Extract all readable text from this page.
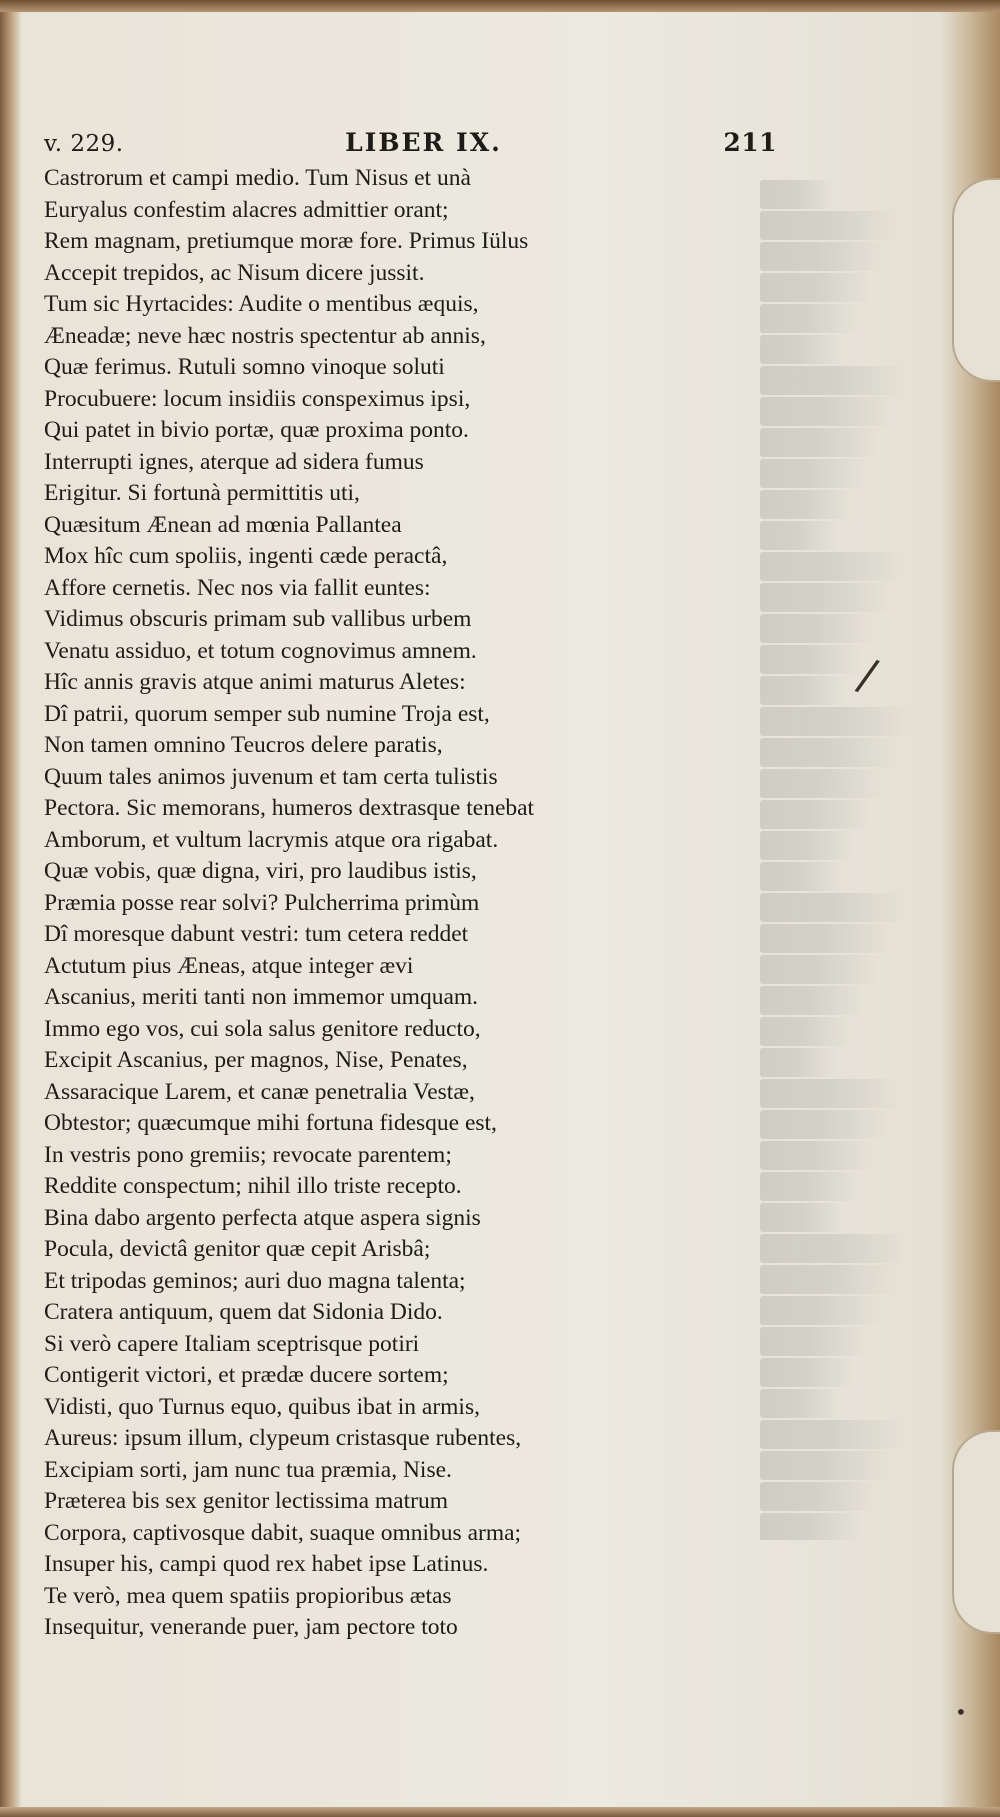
/
•
v. 229.	LIBER IX.	211
Castrorum et campi medio. Tum Nisus et unà
Euryalus confestim alacres admittier orant;
Rem magnam, pretiumque moræ fore. Primus Iülus
Accepit trepidos, ac Nisum dicere jussit.
Tum sic Hyrtacides: Audite o mentibus æquis,
Æneadæ; neve hæc nostris spectentur ab annis,
Quæ ferimus. Rutuli somno vinoque soluti
Procubuere: locum insidiis conspeximus ipsi,
Qui patet in bivio portæ, quæ proxima ponto.
Interrupti ignes, aterque ad sidera fumus
Erigitur. Si fortunà permittitis uti,
Quæsitum Ænean ad mœnia Pallantea
Mox hîc cum spoliis, ingenti cæde peractâ,
Affore cernetis. Nec nos via fallit euntes:
Vidimus obscuris primam sub vallibus urbem
Venatu assiduo, et totum cognovimus amnem.
Hîc annis gravis atque animi maturus Aletes:
Dî patrii, quorum semper sub numine Troja est,
Non tamen omnino Teucros delere paratis,
Quum tales animos juvenum et tam certa tulistis
Pectora. Sic memorans, humeros dextrasque tenebat
Amborum, et vultum lacrymis atque ora rigabat.
Quæ vobis, quæ digna, viri, pro laudibus istis,
Præmia posse rear solvi? Pulcherrima primùm
Dî moresque dabunt vestri: tum cetera reddet
Actutum pius Æneas, atque integer ævi
Ascanius, meriti tanti non immemor umquam.
Immo ego vos, cui sola salus genitore reducto,
Excipit Ascanius, per magnos, Nise, Penates,
Assaracique Larem, et canæ penetralia Vestæ,
Obtestor; quæcumque mihi fortuna fidesque est,
In vestris pono gremiis; revocate parentem;
Reddite conspectum; nihil illo triste recepto.
Bina dabo argento perfecta atque aspera signis
Pocula, devictâ genitor quæ cepit Arisbâ;
Et tripodas geminos; auri duo magna talenta;
Cratera antiquum, quem dat Sidonia Dido.
Si verò capere Italiam sceptrisque potiri
Contigerit victori, et prædæ ducere sortem;
Vidisti, quo Turnus equo, quibus ibat in armis,
Aureus: ipsum illum, clypeum cristasque rubentes,
Excipiam sorti, jam nunc tua præmia, Nise.
Præterea bis sex genitor lectissima matrum
Corpora, captivosque dabit, suaque omnibus arma;
Insuper his, campi quod rex habet ipse Latinus.
Te verò, mea quem spatiis propioribus ætas
Insequitur, venerande puer, jam pectore toto
